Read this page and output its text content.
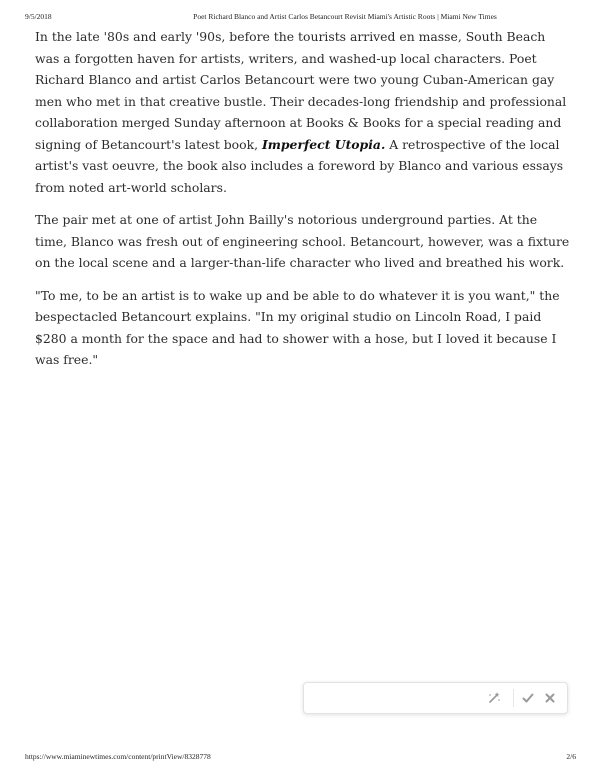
9/5/2018	Poet Richard Blanco and Artist Carlos Betancourt Revisit Miami's Artistic Roots | Miami New Times

In the late '80s and early '90s, before the tourists arrived en masse, South Beach was a forgotten haven for artists, writers, and washed-up local characters. Poet Richard Blanco and artist Carlos Betancourt were two young Cuban-American gay men who met in that creative bustle. Their decades-long friendship and professional collaboration merged Sunday afternoon at Books & Books for a special reading and signing of Betancourt's latest book, Imperfect Utopia. A retrospective of the local artist's vast oeuvre, the book also includes a foreword by Blanco and various essays from noted art-world scholars.

The pair met at one of artist John Bailly's notorious underground parties. At the time, Blanco was fresh out of engineering school. Betancourt, however, was a fixture on the local scene and a larger-than-life character who lived and breathed his work.

"To me, to be an artist is to wake up and be able to do whatever it is you want," the bespectacled Betancourt explains. "In my original studio on Lincoln Road, I paid $280 a month for the space and had to shower with a hose, but I loved it because I was free."

https://www.miaminewtimes.com/content/printView/8328778	2/6
